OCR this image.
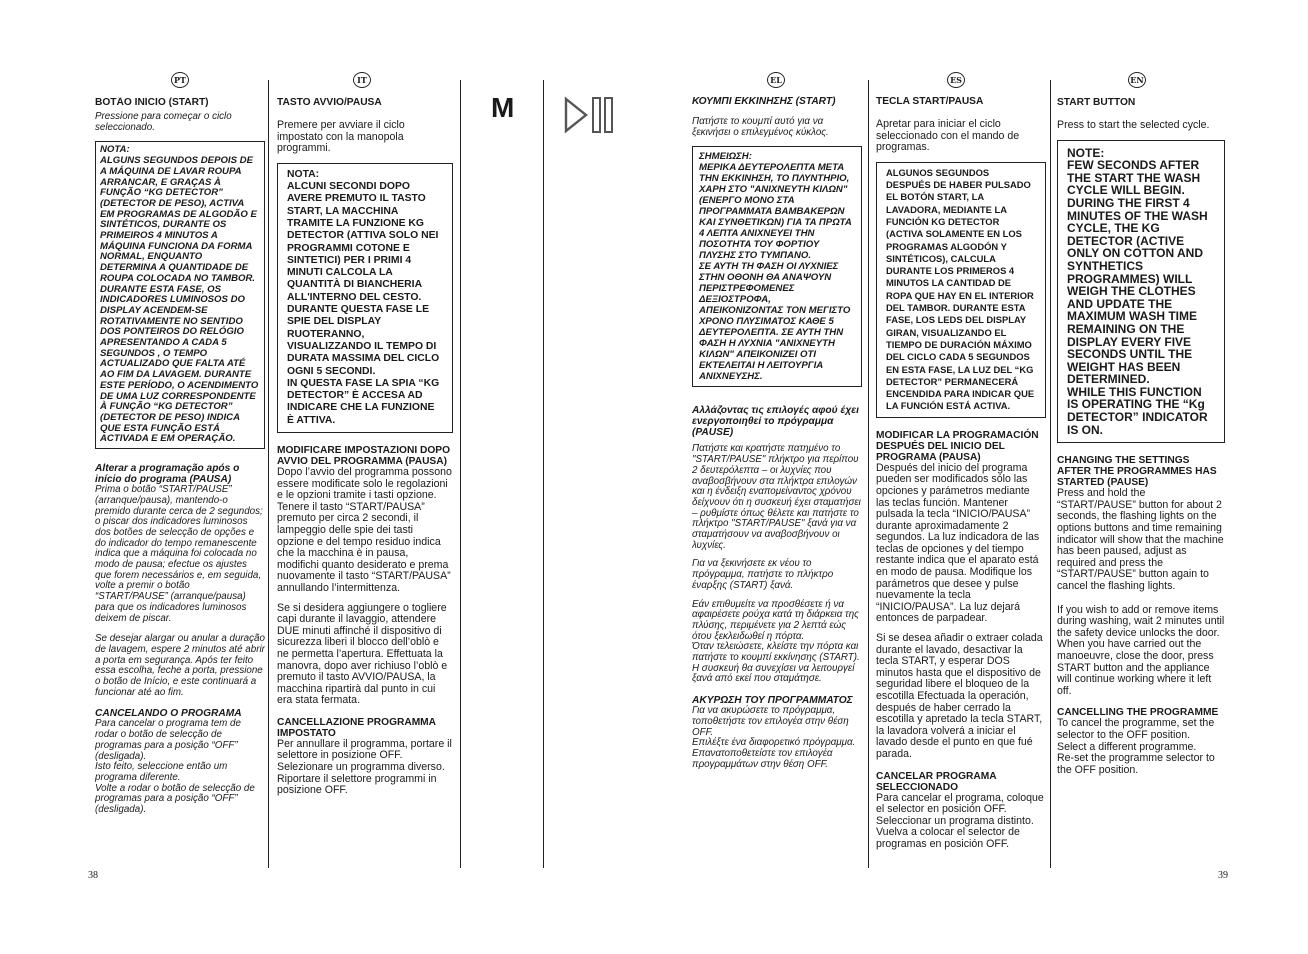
PT	IT	EL	ES	EN
M
BOTÃO INÍCIO (START)

Pressione para começar o ciclo seleccionado.

NOTA:
ALGUNS SEGUNDOS DEPOIS DE A MÁQUINA DE LAVAR ROUPA ARRANCAR, E GRAÇAS À FUNÇÃO “KG DETECTOR” (DETECTOR DE PESO), ACTIVA EM PROGRAMAS DE ALGODÃO E SINTÉTICOS, DURANTE OS PRIMEIROS 4 MINUTOS A MÁQUINA FUNCIONA DA FORMA NORMAL, ENQUANTO DETERMINA A QUANTIDADE DE ROUPA COLOCADA NO TAMBOR.
DURANTE ESTA FASE, OS INDICADORES LUMINOSOS DO DISPLAY ACENDEM-SE ROTATIVAMENTE NO SENTIDO DOS PONTEIROS DO RELÓGIO APRESENTANDO A CADA 5 SEGUNDOS , O TEMPO ACTUALIZADO QUE FALTA ATÉ AO FIM DA LAVAGEM. DURANTE ESTE PERÍODO, O ACENDIMENTO DE UMA LUZ CORRESPONDENTE À FUNÇÃO “KG DETECTOR” (DETECTOR DE PESO) INDICA QUE ESTA FUNÇÃO ESTÁ ACTIVADA E EM OPERAÇÃO.
Alterar a programação após o início do programa (PAUSA)

Prima o botão “START/PAUSE” (arranque/pausa), mantendo-o premido durante cerca de 2 segundos; o piscar dos indicadores luminosos dos botões de selecção de opções e do indicador do tempo remanescente indica que a máquina foi colocada no modo de pausa; efectue os ajustes que forem necessários e, em seguida, volte a premir o botão “START/PAUSE” (arranque/pausa) para que os indicadores luminosos deixem de piscar.

Se desejar alargar ou anular a duração de lavagem, espere 2 minutos até abrir a porta em segurança. Após ter feito essa escolha, feche a porta, pressione o botão de Início, e este continuará a funcionar até ao fim.

CANCELANDO O PROGRAMA

Para cancelar o programa tem de rodar o botão de selecção de programas para a posição “OFF” (desligada).
Isto feito, seleccione então um programa diferente.
Volte a rodar o botão de selecção de programas para a posição “OFF” (desligada).

TASTO AVVIO/PAUSA

Premere per avviare il ciclo impostato con la manopola programmi.

NOTA:
ALCUNI SECONDI DOPO AVERE PREMUTO IL TASTO START, LA MACCHINA TRAMITE LA FUNZIONE KG DETECTOR (ATTIVA SOLO NEI PROGRAMMI COTONE E SINTETICI) PER I PRIMI 4 MINUTI CALCOLA LA QUANTITÀ DI BIANCHERIA ALL'INTERNO DEL CESTO.
DURANTE QUESTA FASE LE SPIE DEL DISPLAY RUOTERANNO, VISUALIZZANDO IL TEMPO DI DURATA MASSIMA DEL CICLO OGNI 5 SECONDI.
IN QUESTA FASE LA SPIA “KG DETECTOR” È ACCESA AD INDICARE CHE LA FUNZIONE È ATTIVA.
MODIFICARE IMPOSTAZIONI DOPO AVVIO DEL PROGRAMMA (PAUSA)

Dopo l’avvio del programma possono essere modificate solo le regolazioni e le opzioni tramite i tasti opzione. Tenere il tasto “START/PAUSA” premuto per circa 2 secondi, il lampeggio delle spie dei tasti opzione e del tempo residuo indica che la macchina è in pausa, modifichi quanto desiderato e prema nuovamente il tasto “START/PAUSA” annullando l’intermittenza.

Se si desidera aggiungere o togliere capi durante il lavaggio, attendere DUE minuti affinché il dispositivo di sicurezza liberi il blocco dell’oblò e ne permetta l’apertura. Effettuata la manovra, dopo aver richiuso l’oblò e premuto il tasto AVVIO/PAUSA, la macchina ripartirà dal punto in cui era stata fermata.

CANCELLAZIONE PROGRAMMA IMPOSTATO

Per annullare il programma, portare il selettore in posizione OFF. Selezionare un programma diverso. Riportare il selettore programmi in posizione OFF.

ΚΟΥΜΠΙ ΕΚΚΙΝΗΣΗΣ (START)

Πατήστε το κουμπί αυτό για να ξεκινήσει ο επιλεγμένος κύκλος.

ΣΗΜΕΙΩΣΗ:
ΜΕΡΙΚΑ ΔΕΥΤΕΡΟΛΕΠΤΑ ΜΕΤΑ ΤΗΝ ΕΚΚΙΝΗΣΗ, ΤΟ ΠΛΥΝΤΗΡΙΟ, ΧΑΡΗ ΣΤΟ "ΑΝΙΧΝΕΥΤΗ ΚΙΛΩΝ" (ΕΝΕΡΓΟ ΜΟΝΟ ΣΤΑ ΠΡΟΓΡΑΜΜΑΤΑ ΒΑΜΒΑΚΕΡΩΝ ΚΑΙ ΣΥΝΘΕΤΙΚΩΝ) ΓΙΑ ΤΑ ΠΡΩΤΑ 4 ΛΕΠΤΑ ΑΝΙΧΝΕΥΕΙ ΤΗΝ ΠΟΣΟΤΗΤΑ ΤΟΥ ΦΟΡΤΙΟΥ ΠΛΥΣΗΣ ΣΤΟ ΤΥΜΠΑΝΟ.
ΣΕ ΑΥΤΗ ΤΗ ΦΑΣΗ ΟΙ ΛΥΧΝΙΕΣ ΣΤΗΝ ΟΘΟΝΗ ΘΑ ΑΝΑΨΟΥΝ ΠΕΡΙΣΤΡΕΦΟΜΕΝΕΣ ΔΕΞΙΟΣΤΡΟΦΑ, ΑΠΕΙΚΟΝΙΖΟΝΤΑΣ ΤΟΝ ΜΕΓΙΣΤΟ ΧΡΟΝΟ ΠΛΥΣΙΜΑΤΟΣ ΚΑΘΕ 5 ΔΕΥΤΕΡΟΛΕΠΤΑ. ΣΕ ΑΥΤΗ ΤΗΝ ΦΑΣΗ Η ΛΥΧΝΙΑ "ΑΝΙΧΝΕΥΤΗ ΚΙΛΩΝ" ΑΠΕΙΚΟΝΙΖΕΙ ΟΤΙ ΕΚΤΕΛΕΙΤΑΙ Η ΛΕΙΤΟΥΡΓΙΑ ΑΝΙΧΝΕΥΣΗΣ.
Αλλάζοντας τις επιλογές αφού έχει ενεργοποιηθεί το πρόγραμμα (PAUSE)

Πατήστε και κρατήστε πατημένο το "START/PAUSE" πλήκτρο για περίπου 2 δευτερόλεπτα – οι λυχνίες που αναβοσβήνουν στα πλήκτρα επιλογών και η ένδειξη εναπομείναντος χρόνου δείχνουν ότι η συσκευή έχει σταματήσει – ρυθμίστε όπως θέλετε και πατήστε το πλήκτρο "START/PAUSE" ξανά για να σταματήσουν να αναβοσβήνουν οι λυχνίες.

Για να ξεκινήσετε εκ νέου το πρόγραμμα, πατήστε το πλήκτρο έναρξης (START) ξανά.

Εάν επιθυμείτε να προσθέσετε ή να αφαιρέσετε ρούχα κατά τη διάρκεια της πλύσης, περιμένετε για 2 λεπτά εώς ότου ξεκλειδωθεί η πόρτα.
Όταν τελειώσετε, κλείστε την πόρτα και πατήστε το κουμπί εκκίνησης (START). Η συσκευή θα συνεχίσει να λειτουργεί ξανά από εκεί που σταμάτησε.

ΑΚΥΡΩΣΗ ΤΟΥ ΠΡΟΓΡΑΜΜΑΤΟΣ

Για να ακυρώσετε το πρόγραμμα, τοποθετήστε τον επιλογέα στην θέση OFF.
Επιλέξτε ένα διαφορετικό πρόγραμμα.
Επανατοποθετείστε τον επιλογέα προγραμμάτων στην θέση OFF.

TECLA START/PAUSA

Apretar para iniciar el ciclo seleccionado con el mando de programas.

ALGUNOS SEGUNDOS DESPUÉS DE HABER PULSADO EL BOTÓN START, LA LAVADORA, MEDIANTE LA FUNCIÓN KG DETECTOR (ACTIVA SOLAMENTE EN LOS PROGRAMAS ALGODÓN Y SINTÉTICOS), CALCULA DURANTE LOS PRIMEROS 4 MINUTOS LA CANTIDAD DE ROPA QUE HAY EN EL INTERIOR DEL TAMBOR. DURANTE ESTA FASE, LOS LEDS DEL DISPLAY GIRAN, VISUALIZANDO EL TIEMPO DE DURACIÓN MÁXIMO DEL CICLO CADA 5 SEGUNDOS EN ESTA FASE, LA LUZ DEL “KG DETECTOR” PERMANECERÁ ENCENDIDA PARA INDICAR QUE LA FUNCIÓN ESTÁ ACTIVA.
MODIFICAR LA PROGRAMACIÓN DESPUÉS DEL INICIO DEL PROGRAMA (PAUSA)

Después del inicio del programa pueden ser modificados sólo las opciones y parámetros mediante las teclas función. Mantener pulsada la tecla “INICIO/PAUSA” durante aproximadamente 2 segundos. La luz indicadora de las teclas de opciones y del tiempo restante indica que el aparato está en modo de pausa. Modifique los parámetros que desee y pulse nuevamente la tecla “INICIO/PAUSA”. La luz dejará entonces de parpadear.

Si se desea añadir o extraer colada durante el lavado, desactivar la tecla START, y esperar DOS minutos hasta que el dispositivo de seguridad libere el bloqueo de la escotilla Efectuada la operación, después de haber cerrado la escotilla y apretado la tecla START, la lavadora volverá a iniciar el lavado desde el punto en que fué parada.

CANCELAR PROGRAMA SELECCIONADO

Para cancelar el programa, coloque el selector en posición OFF.
Seleccionar un programa distinto.
Vuelva a colocar el selector de programas en posición OFF.

START BUTTON

Press to start the selected cycle.

NOTE:
FEW SECONDS AFTER THE START THE WASH CYCLE WILL BEGIN. DURING THE FIRST 4 MINUTES OF THE WASH CYCLE, THE KG DETECTOR (ACTIVE ONLY ON COTTON AND SYNTHETICS PROGRAMMES) WILL WEIGH THE CLOTHES AND UPDATE THE MAXIMUM WASH TIME REMAINING ON THE DISPLAY EVERY FIVE SECONDS UNTIL THE WEIGHT HAS BEEN DETERMINED.
WHILE THIS FUNCTION IS OPERATING THE “Kg DETECTOR” INDICATOR IS ON.
CHANGING THE SETTINGS AFTER THE PROGRAMMES HAS STARTED (PAUSE)

Press and hold the “START/PAUSE” button for about 2 seconds, the flashing lights on the options buttons and time remaining indicator will show that the machine has been paused, adjust as required and press the “START/PAUSE” button again to cancel the flashing lights.

If you wish to add or remove items during washing, wait 2 minutes until the safety device unlocks the door.
When you have carried out the manoeuvre, close the door, press START button and the appliance will continue working where it left off.

CANCELLING THE PROGRAMME

To cancel the programme, set the selector to the OFF position.
Select a different programme.
Re-set the programme selector to the OFF position.

38	39
